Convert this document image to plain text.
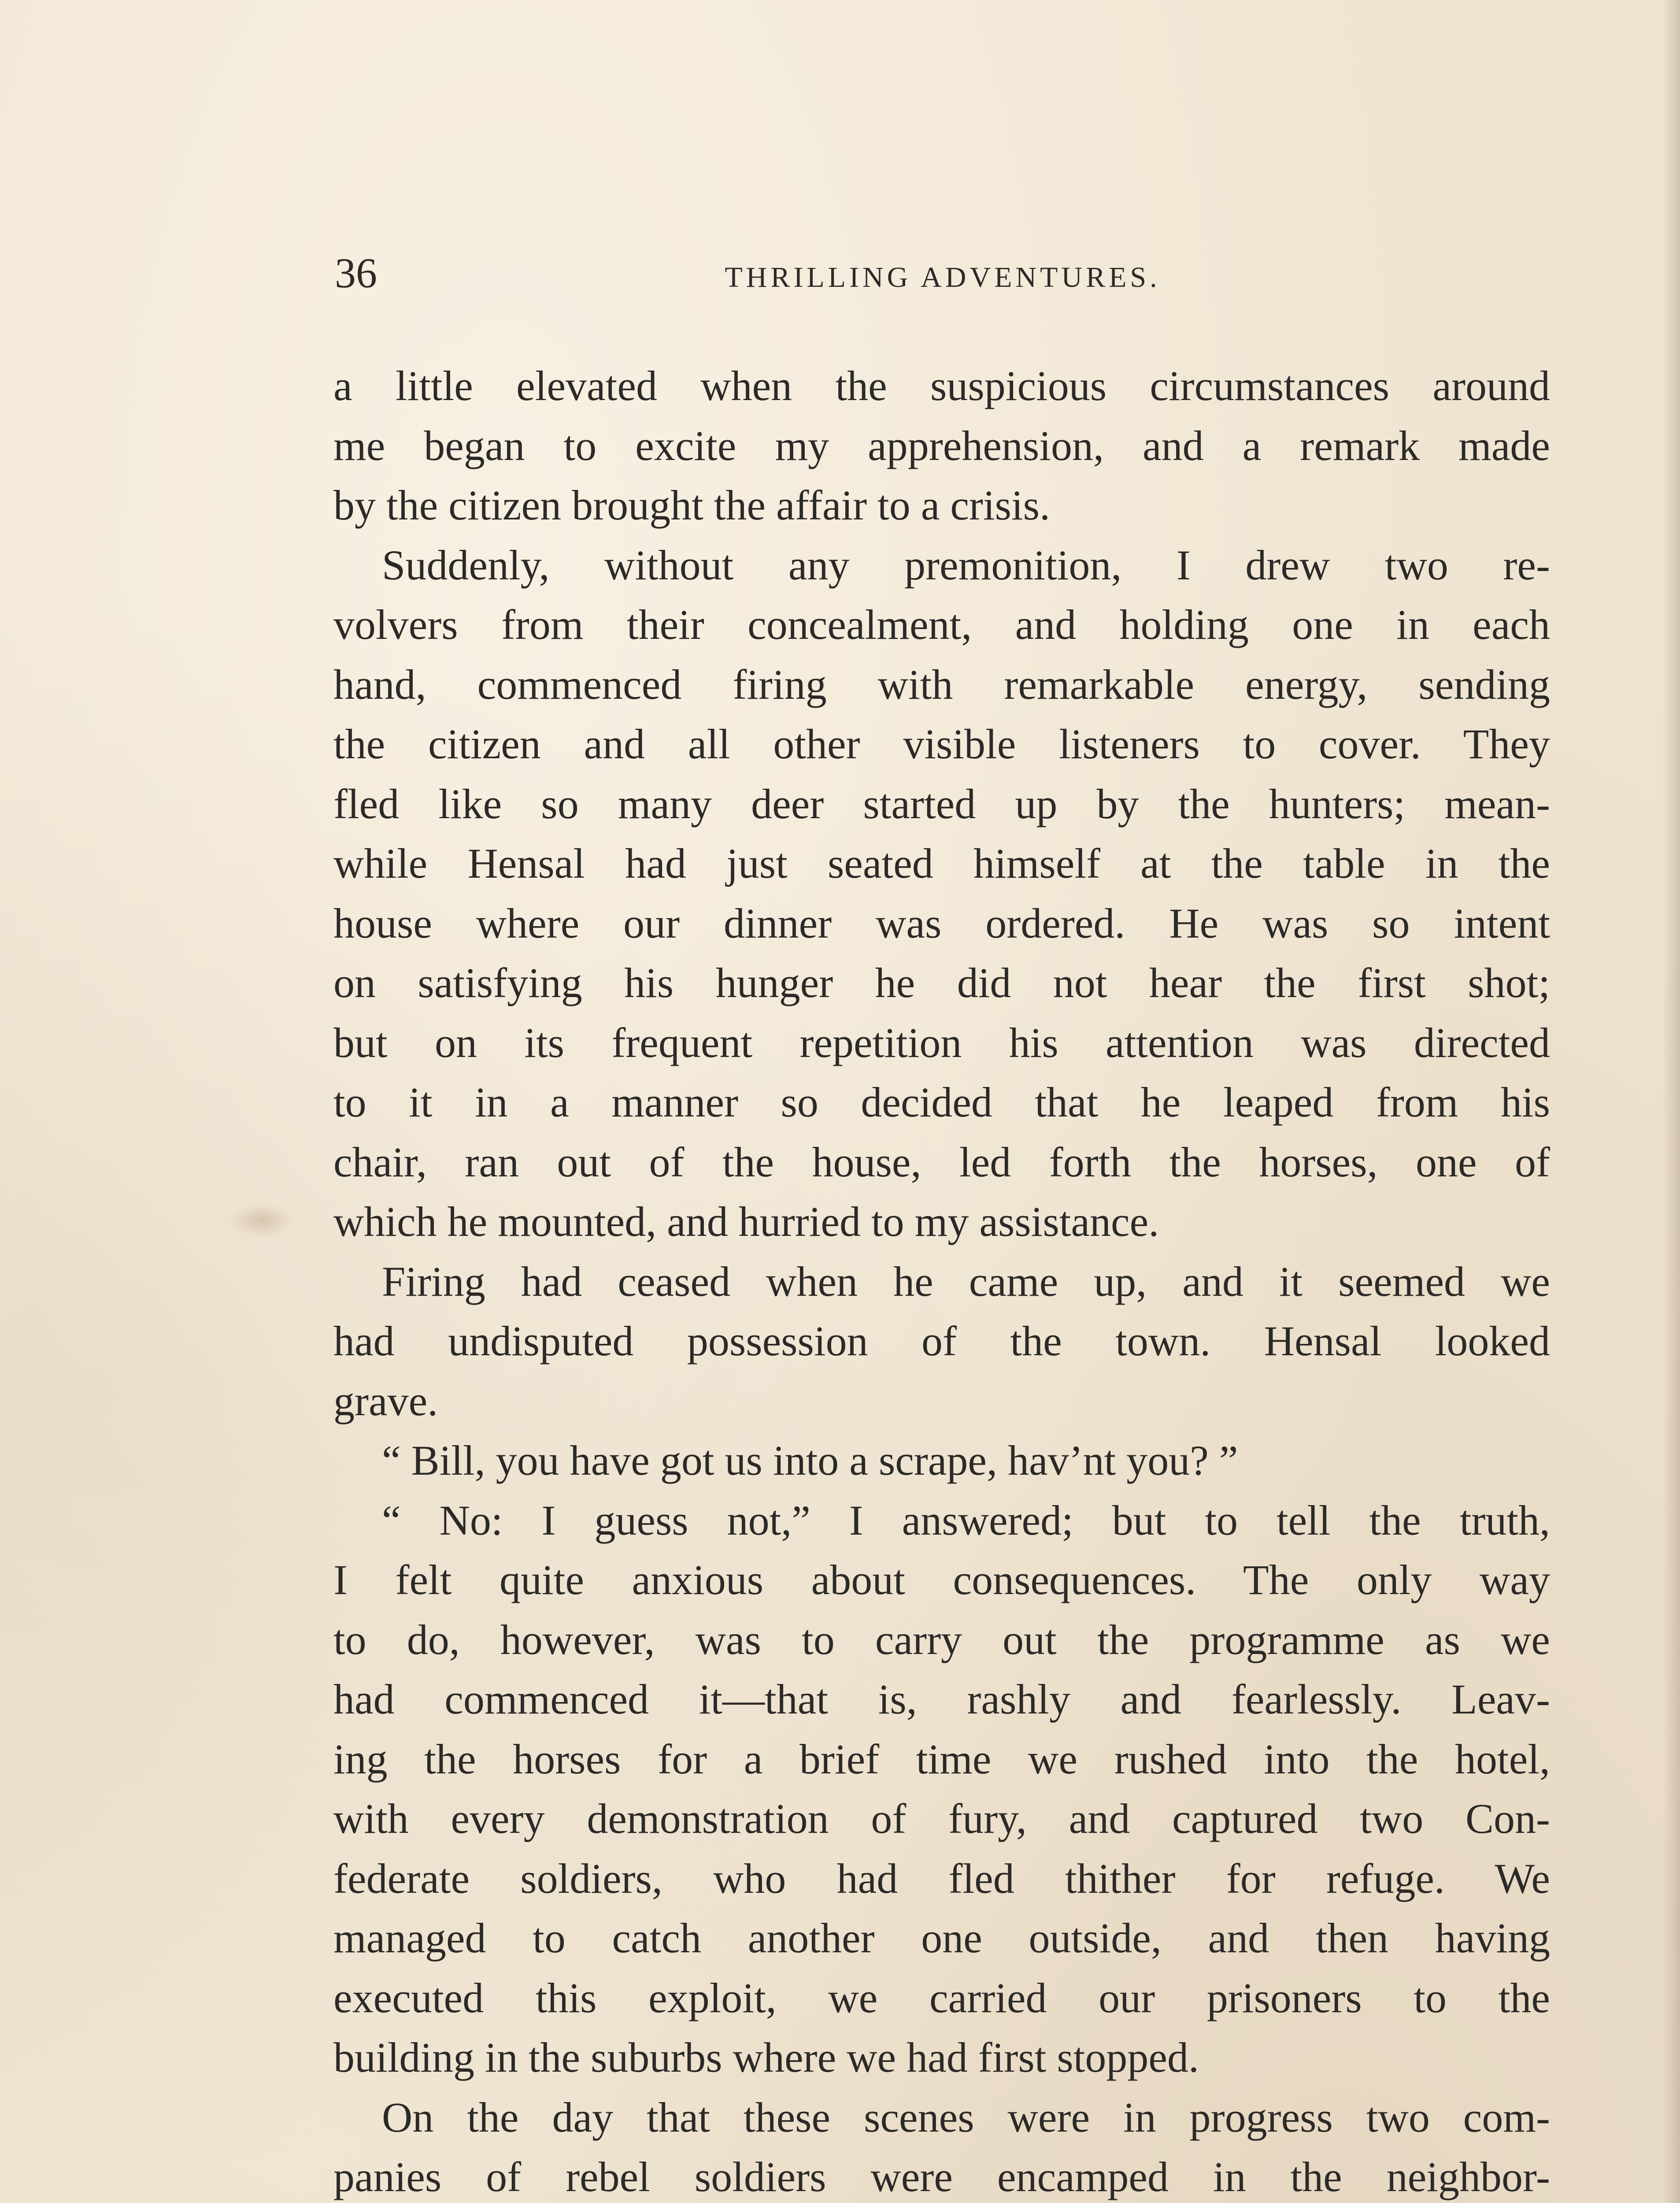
36	THRILLING ADVENTURES.
a little elevated when the suspicious circumstances around
me began to excite my apprehension, and a remark made
by the citizen brought the affair to a crisis.
Suddenly, without any premonition, I drew two re-
volvers from their concealment, and holding one in each
hand, commenced firing with remarkable energy, sending
the citizen and all other visible listeners to cover. They
fled like so many deer started up by the hunters; mean-
while Hensal had just seated himself at the table in the
house where our dinner was ordered. He was so intent
on satisfying his hunger he did not hear the first shot;
but on its frequent repetition his attention was directed
to it in a manner so decided that he leaped from his
chair, ran out of the house, led forth the horses, one of
which he mounted, and hurried to my assistance.
Firing had ceased when he came up, and it seemed we
had undisputed possession of the town. Hensal looked
grave.
“ Bill, you have got us into a scrape, hav’nt you? ”
“ No: I guess not,” I answered; but to tell the truth,
I felt quite anxious about consequences. The only way
to do, however, was to carry out the programme as we
had commenced it—that is, rashly and fearlessly. Leav-
ing the horses for a brief time we rushed into the hotel,
with every demonstration of fury, and captured two Con-
federate soldiers, who had fled thither for refuge. We
managed to catch another one outside, and then having
executed this exploit, we carried our prisoners to the
building in the suburbs where we had first stopped.
On the day that these scenes were in progress two com-
panies of rebel soldiers were encamped in the neighbor-
